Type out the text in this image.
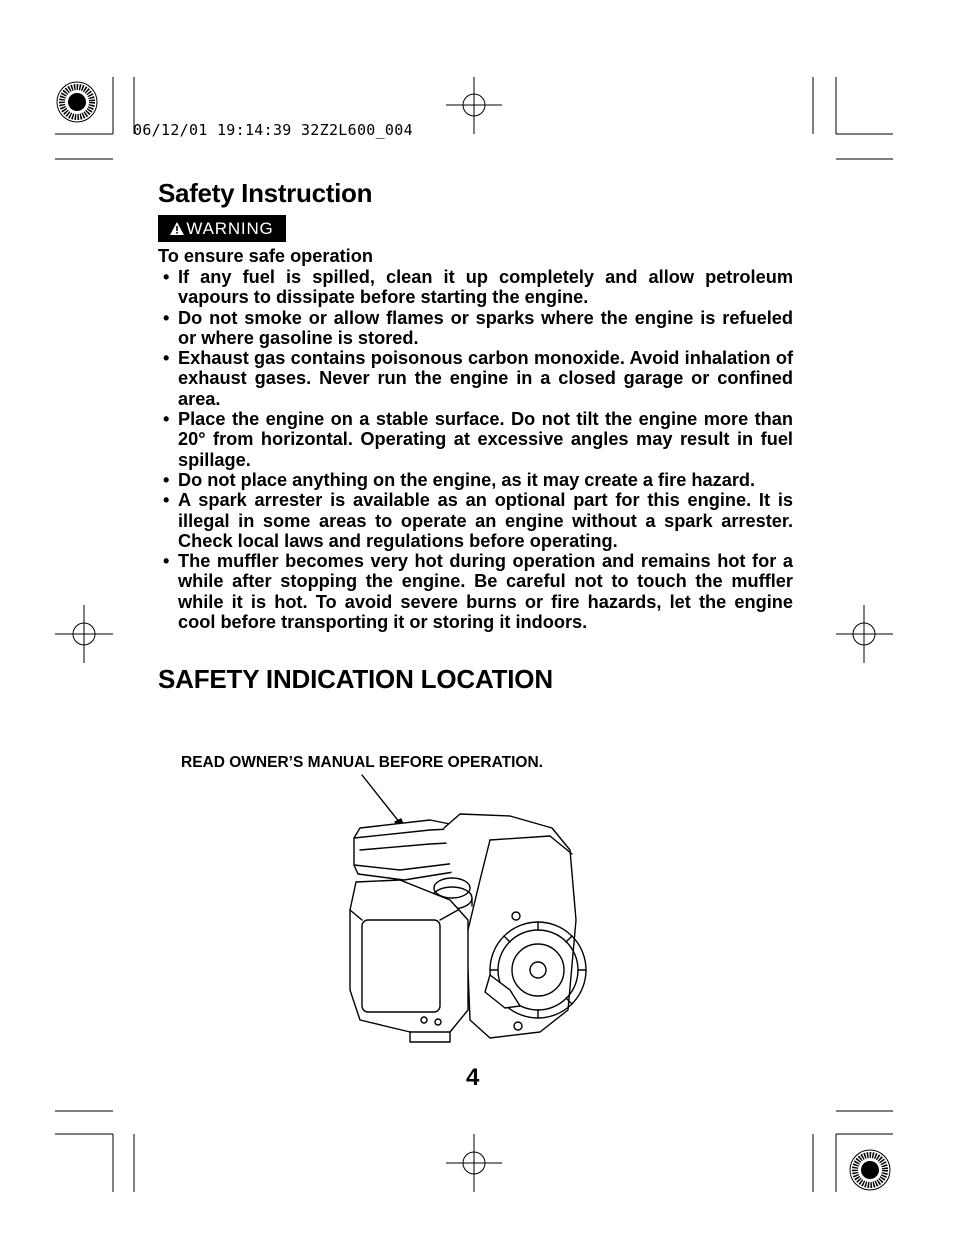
06/12/01 19:14:39 32Z2L600_004
Safety Instruction
WARNING
To ensure safe operation
• If any fuel is spilled, clean it up completely and allow petroleum vapours to dissipate before starting the engine.
• Do not smoke or allow flames or sparks where the engine is refueled or where gasoline is stored.
• Exhaust gas contains poisonous carbon monoxide. Avoid inhalation of exhaust gases. Never run the engine in a closed garage or confined area.
• Place the engine on a stable surface. Do not tilt the engine more than 20° from horizontal. Operating at excessive angles may result in fuel spillage.
• Do not place anything on the engine, as it may create a fire hazard.
• A spark arrester is available as an optional part for this engine. It is illegal in some areas to operate an engine without a spark arrester. Check local laws and regulations before operating.
• The muffler becomes very hot during operation and remains hot for a while after stopping the engine. Be careful not to touch the muffler while it is hot. To avoid severe burns or fire hazards, let the engine cool before transporting it or storing it indoors.
SAFETY INDICATION LOCATION
READ OWNER’S MANUAL BEFORE OPERATION.
4
